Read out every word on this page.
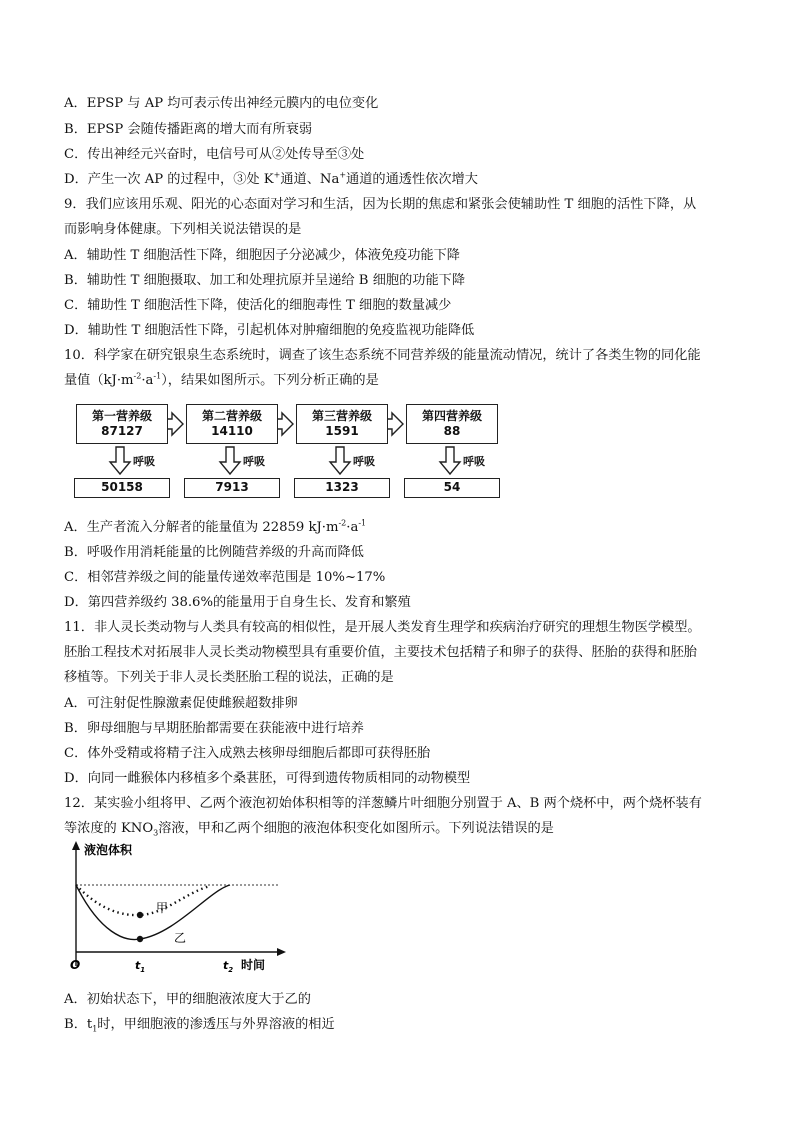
A．EPSP 与 AP 均可表示传出神经元膜内的电位变化
B．EPSP 会随传播距离的增大而有所衰弱
C．传出神经元兴奋时，电信号可从②处传导至③处
D．产生一次 AP 的过程中，③处 K+通道、Na+通道的通透性依次增大
9．我们应该用乐观、阳光的心态面对学习和生活，因为长期的焦虑和紧张会使辅助性 T 细胞的活性下降，从
而影响身体健康。下列相关说法错误的是
A．辅助性 T 细胞活性下降，细胞因子分泌减少，体液免疫功能下降
B．辅助性 T 细胞摄取、加工和处理抗原并呈递给 B 细胞的功能下降
C．辅助性 T 细胞活性下降，使活化的细胞毒性 T 细胞的数量减少
D．辅助性 T 细胞活性下降，引起机体对肿瘤细胞的免疫监视功能降低
10．科学家在研究银泉生态系统时，调查了该生态系统不同营养级的能量流动情况，统计了各类生物的同化能
量值$(kJ\cdot m^{-2}\cdot a^{-1})$，结果如图所示。下列分析正确的是
第一营养级
87127
第二营养级
14110
第三营养级
1591
第四营养级
88
呼吸	呼吸	呼吸	呼吸
50158	7913	1323	54
A．生产者流入分解者的能量值为 22859 $kJ\cdot m^{-2}\cdot a^{-1}$
B．呼吸作用消耗能量的比例随营养级的升高而降低
C．相邻营养级之间的能量传递效率范围是 10%~17%
D．第四营养级约 38.6%的能量用于自身生长、发育和繁殖
11．非人灵长类动物与人类具有较高的相似性，是开展人类发育生理学和疾病治疗研究的理想生物医学模型。
胚胎工程技术对拓展非人灵长类动物模型具有重要价值，主要技术包括精子和卵子的获得、胚胎的获得和胚胎
移植等。下列关于非人灵长类胚胎工程的说法，正确的是
A．可注射促性腺激素促使雌猴超数排卵
B．卵母细胞与早期胚胎都需要在获能液中进行培养
C．体外受精或将精子注入成熟去核卵母细胞后都即可获得胚胎
D．向同一雌猴体内移植多个桑葚胚，可得到遗传物质相同的动物模型
12．某实验小组将甲、乙两个液泡初始体积相等的洋葱鳞片叶细胞分别置于 A、B 两个烧杯中，两个烧杯装有
等浓度的 $KNO_3$溶液，甲和乙两个细胞的液泡体积变化如图所示。下列说法错误的是
液泡体积
甲
乙
O	$t_1$	$t_2$ 时间
A．初始状态下，甲的细胞液浓度大于乙的
B．$t_1$时，甲细胞液的渗透压与外界溶液的相近
